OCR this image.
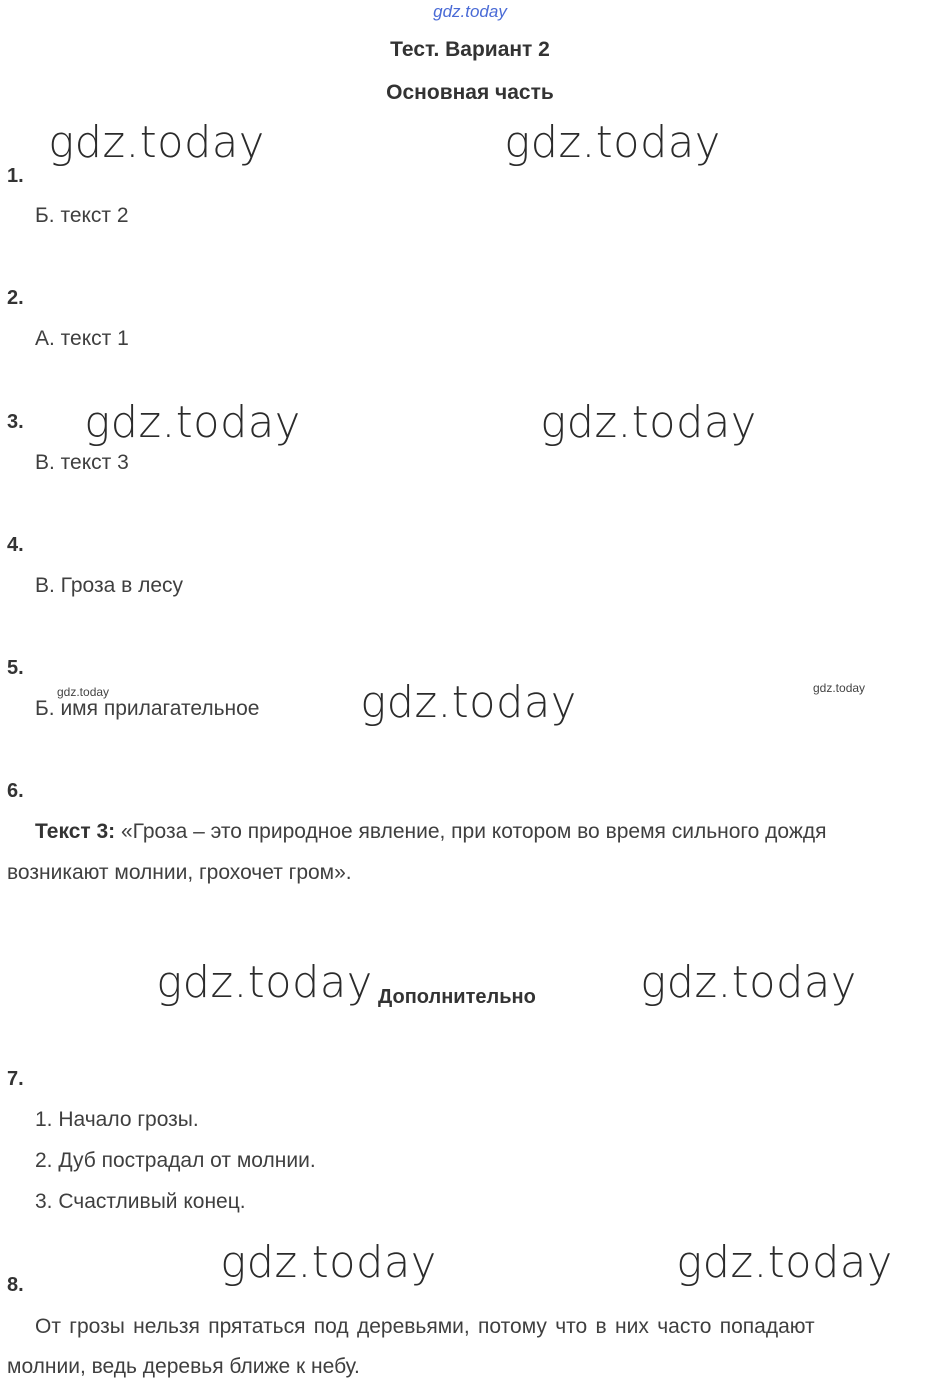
gdz.today
Тест. Вариант 2
Основная часть
gdz.today	gdz.today
gdz.today	gdz.today
gdz.today
gdz.today	gdz.today
gdz.today	gdz.today
gdz.today	gdz.today
1.
Б. текст 2
2.
А. текст 1
3.
В. текст 3
4.
В. Гроза в лесу
5.
Б. имя прилагательное
6.
Текст 3: «Гроза – это природное явление, при котором во время сильного дождя
возникают молнии, грохочет гром».
Дополнительно
7.
1. Начало грозы.
2. Дуб пострадал от молнии.
3. Счастливый конец.
8.
От грозы нельзя прятаться под деревьями, потому что в них часто попадают
молнии, ведь деревья ближе к небу.
